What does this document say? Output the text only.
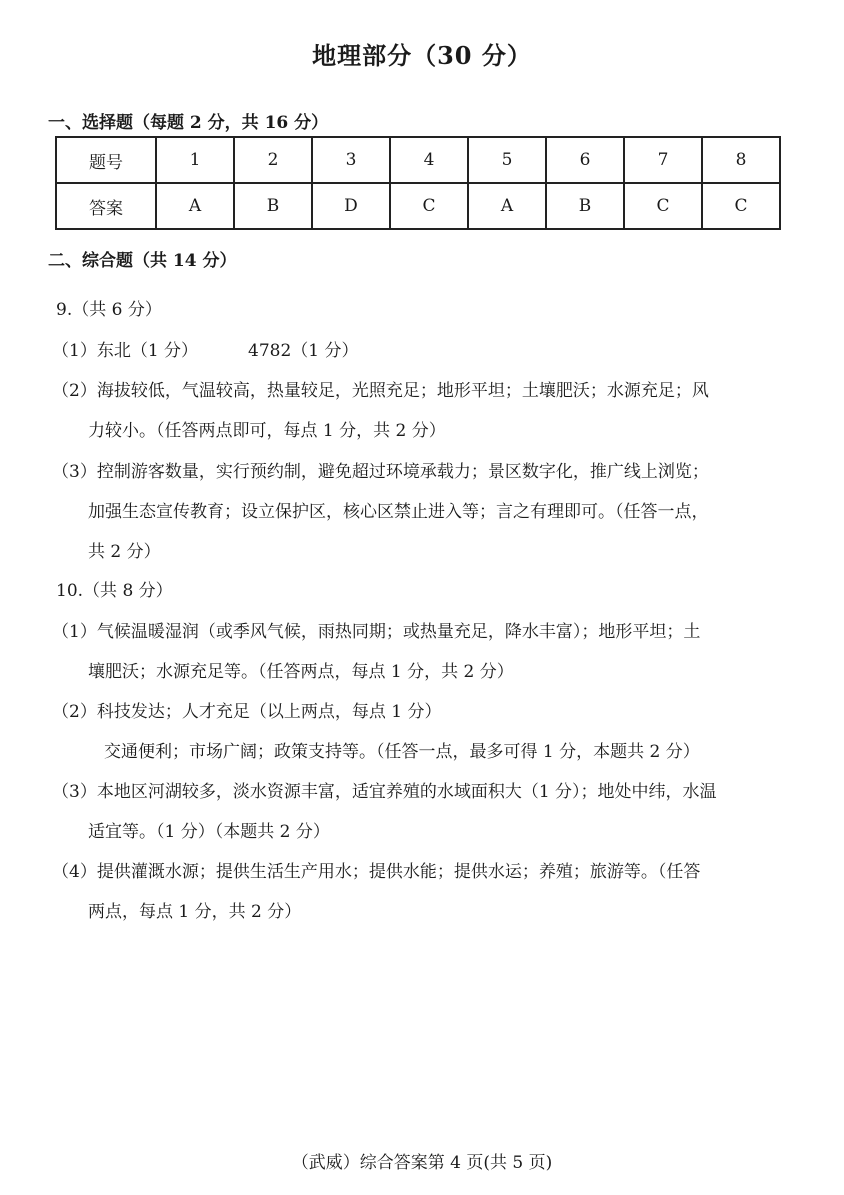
地理部分（30 分）
一、选择题（每题 2 分，共 16 分）
题号	1	2	3	4	5	6	7	8
答案	A	B	D	C	A	B	C	C
二、综合题（共 14 分）
9.（共 6 分）
（1）东北（1 分）	4782（1 分）
（2）海拔较低，气温较高，热量较足，光照充足；地形平坦；土壤肥沃；水源充足；风
力较小。（任答两点即可，每点 1 分，共 2 分）
（3）控制游客数量，实行预约制，避免超过环境承载力；景区数字化，推广线上浏览；
加强生态宣传教育；设立保护区，核心区禁止进入等；言之有理即可。（任答一点，
共 2 分）
10.（共 8 分）
（1）气候温暖湿润（或季风气候，雨热同期；或热量充足，降水丰富）；地形平坦；土
壤肥沃；水源充足等。（任答两点，每点 1 分，共 2 分）
（2）科技发达；人才充足（以上两点，每点 1 分）
交通便利；市场广阔；政策支持等。（任答一点，最多可得 1 分，本题共 2 分）
（3）本地区河湖较多，淡水资源丰富，适宜养殖的水域面积大（1 分）；地处中纬，水温
适宜等。（1 分）（本题共 2 分）
（4）提供灌溉水源；提供生活生产用水；提供水能；提供水运；养殖；旅游等。（任答
两点，每点 1 分，共 2 分）
（武威）综合答案第 4 页(共 5 页)
